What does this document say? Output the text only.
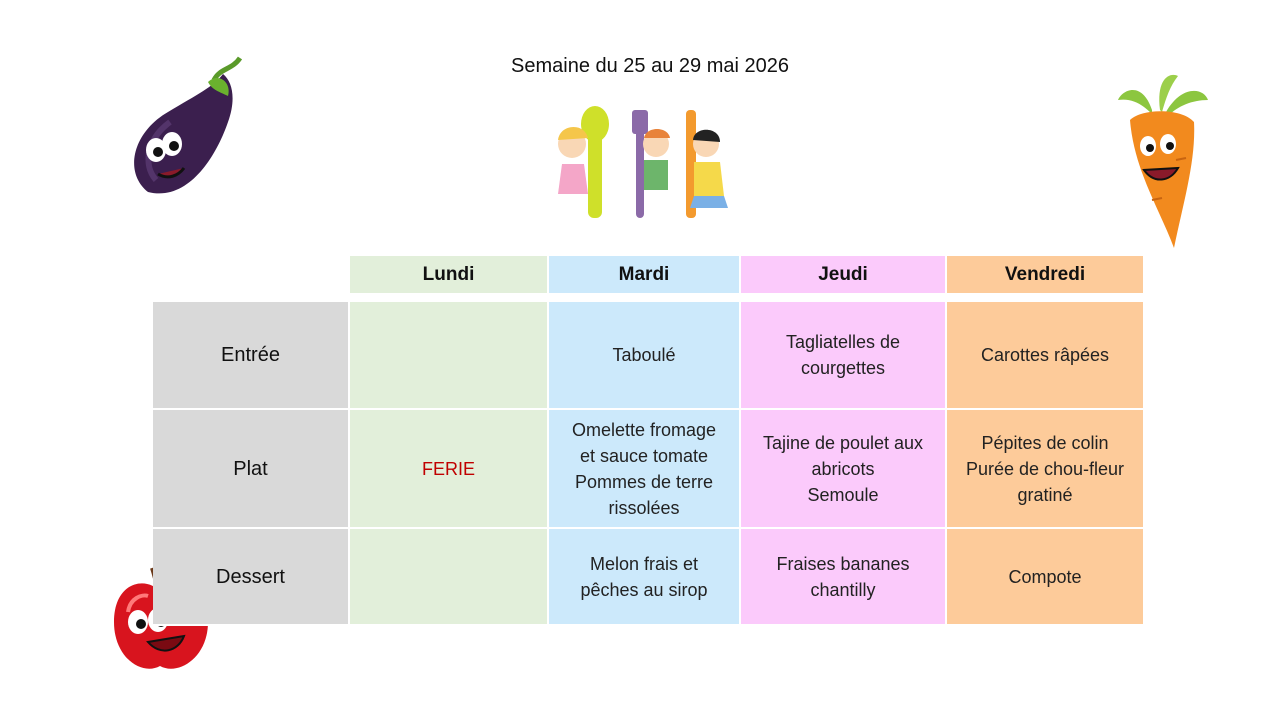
Semaine du 25 au 29 mai 2026
	Lundi	Mardi	Jeudi	Vendredi

Entrée		Taboulé	Tagliatelles de
courgettes	Carottes râpées

Plat	FERIE	Omelette fromage
et sauce tomate
Pommes de terre
rissolées	Tajine de poulet aux
abricots
Semoule	Pépites de colin
Purée de chou-fleur
gratiné

Dessert		Melon frais et
pêches au sirop	Fraises bananes
chantilly	Compote
